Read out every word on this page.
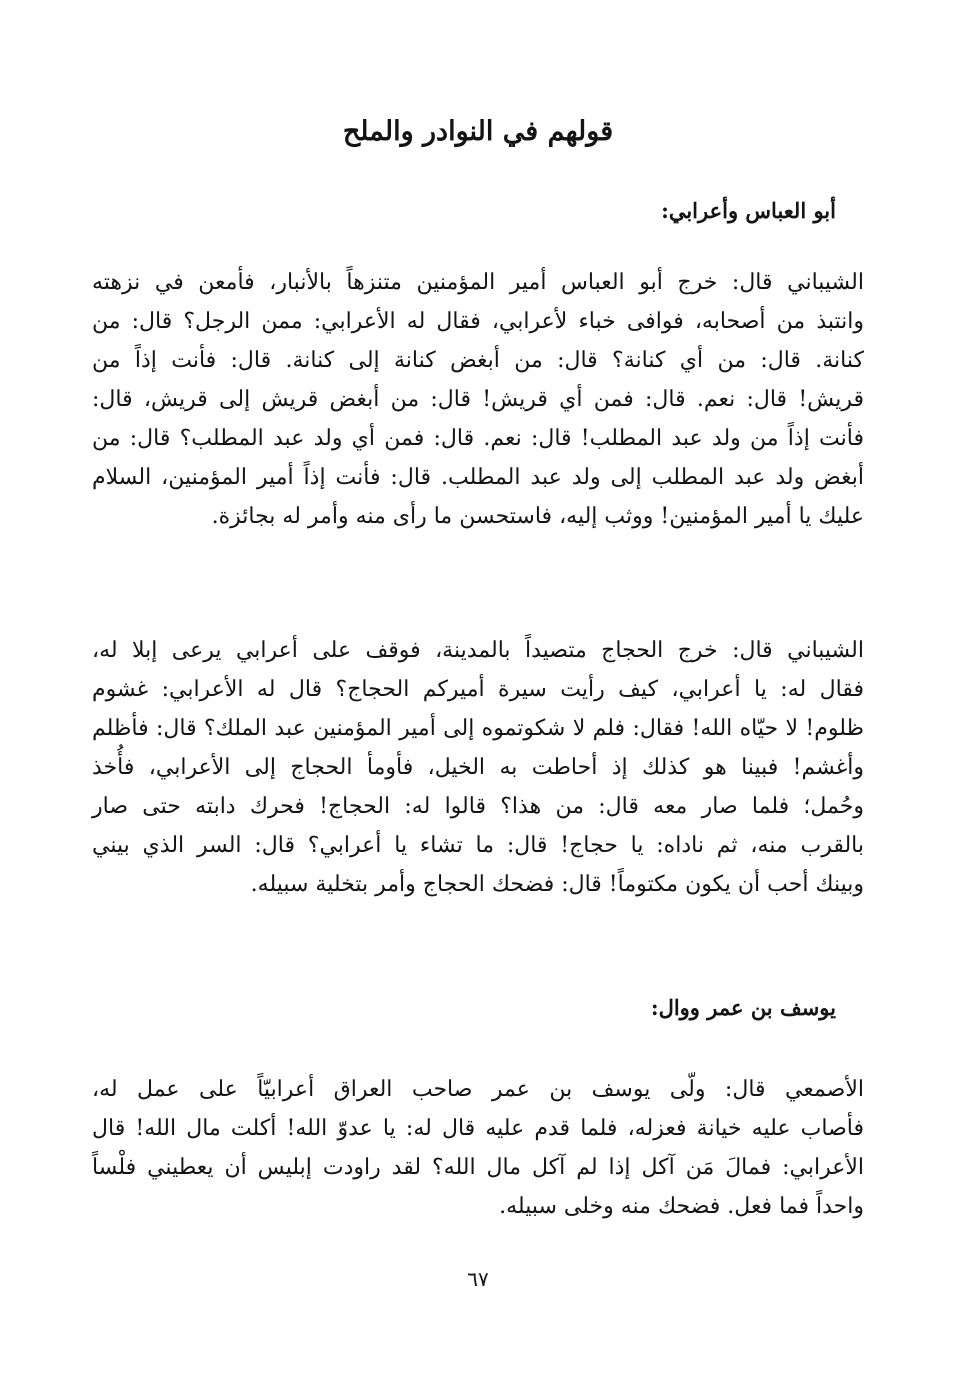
قولهم في النوادر والملح
أبو العباس وأعرابي:
الشيباني قال: خرج أبو العباس أمير المؤمنين متنزهاً بالأنبار، فأمعن في نزهته
وانتبذ من أصحابه، فوافى خباء لأعرابي، فقال له الأعرابي: ممن الرجل؟ قال: من
كنانة. قال: من أي كنانة؟ قال: من أبغض كنانة إلى كنانة. قال: فأنت إذاً من
قريش! قال: نعم. قال: فمن أي قريش! قال: من أبغض قريش إلى قريش، قال:
فأنت إذاً من ولد عبد المطلب! قال: نعم. قال: فمن أي ولد عبد المطلب؟ قال: من
أبغض ولد عبد المطلب إلى ولد عبد المطلب. قال: فأنت إذاً أمير المؤمنين، السلام
عليك يا أمير المؤمنين! ووثب إليه، فاستحسن ما رأى منه وأمر له بجائزة.
الشيباني قال: خرج الحجاج متصيداً بالمدينة، فوقف على أعرابي يرعى إبلا له،
فقال له: يا أعرابي، كيف رأيت سيرة أميركم الحجاج؟ قال له الأعرابي: غشوم
ظلوم! لا حيّاه الله! فقال: فلم لا شكوتموه إلى أمير المؤمنين عبد الملك؟ قال: فأظلم
وأغشم! فبينا هو كذلك إذ أحاطت به الخيل، فأومأ الحجاج إلى الأعرابي، فأُخذ
وحُمل؛ فلما صار معه قال: من هذا؟ قالوا له: الحجاج! فحرك دابته حتى صار
بالقرب منه، ثم ناداه: يا حجاج! قال: ما تشاء يا أعرابي؟ قال: السر الذي بيني
وبينك أحب أن يكون مكتوماً! قال: فضحك الحجاج وأمر بتخلية سبيله.
يوسف بن عمر ووال:
الأصمعي قال: ولّى يوسف بن عمر صاحب العراق أعرابيّاً على عمل له،
فأصاب عليه خيانة فعزله، فلما قدم عليه قال له: يا عدوّ الله! أكلت مال الله! قال
الأعرابي: فمالَ مَن آكل إذا لم آكل مال الله؟ لقد راودت إبليس أن يعطيني فلْساً
واحداً فما فعل. فضحك منه وخلى سبيله.
٦٧
